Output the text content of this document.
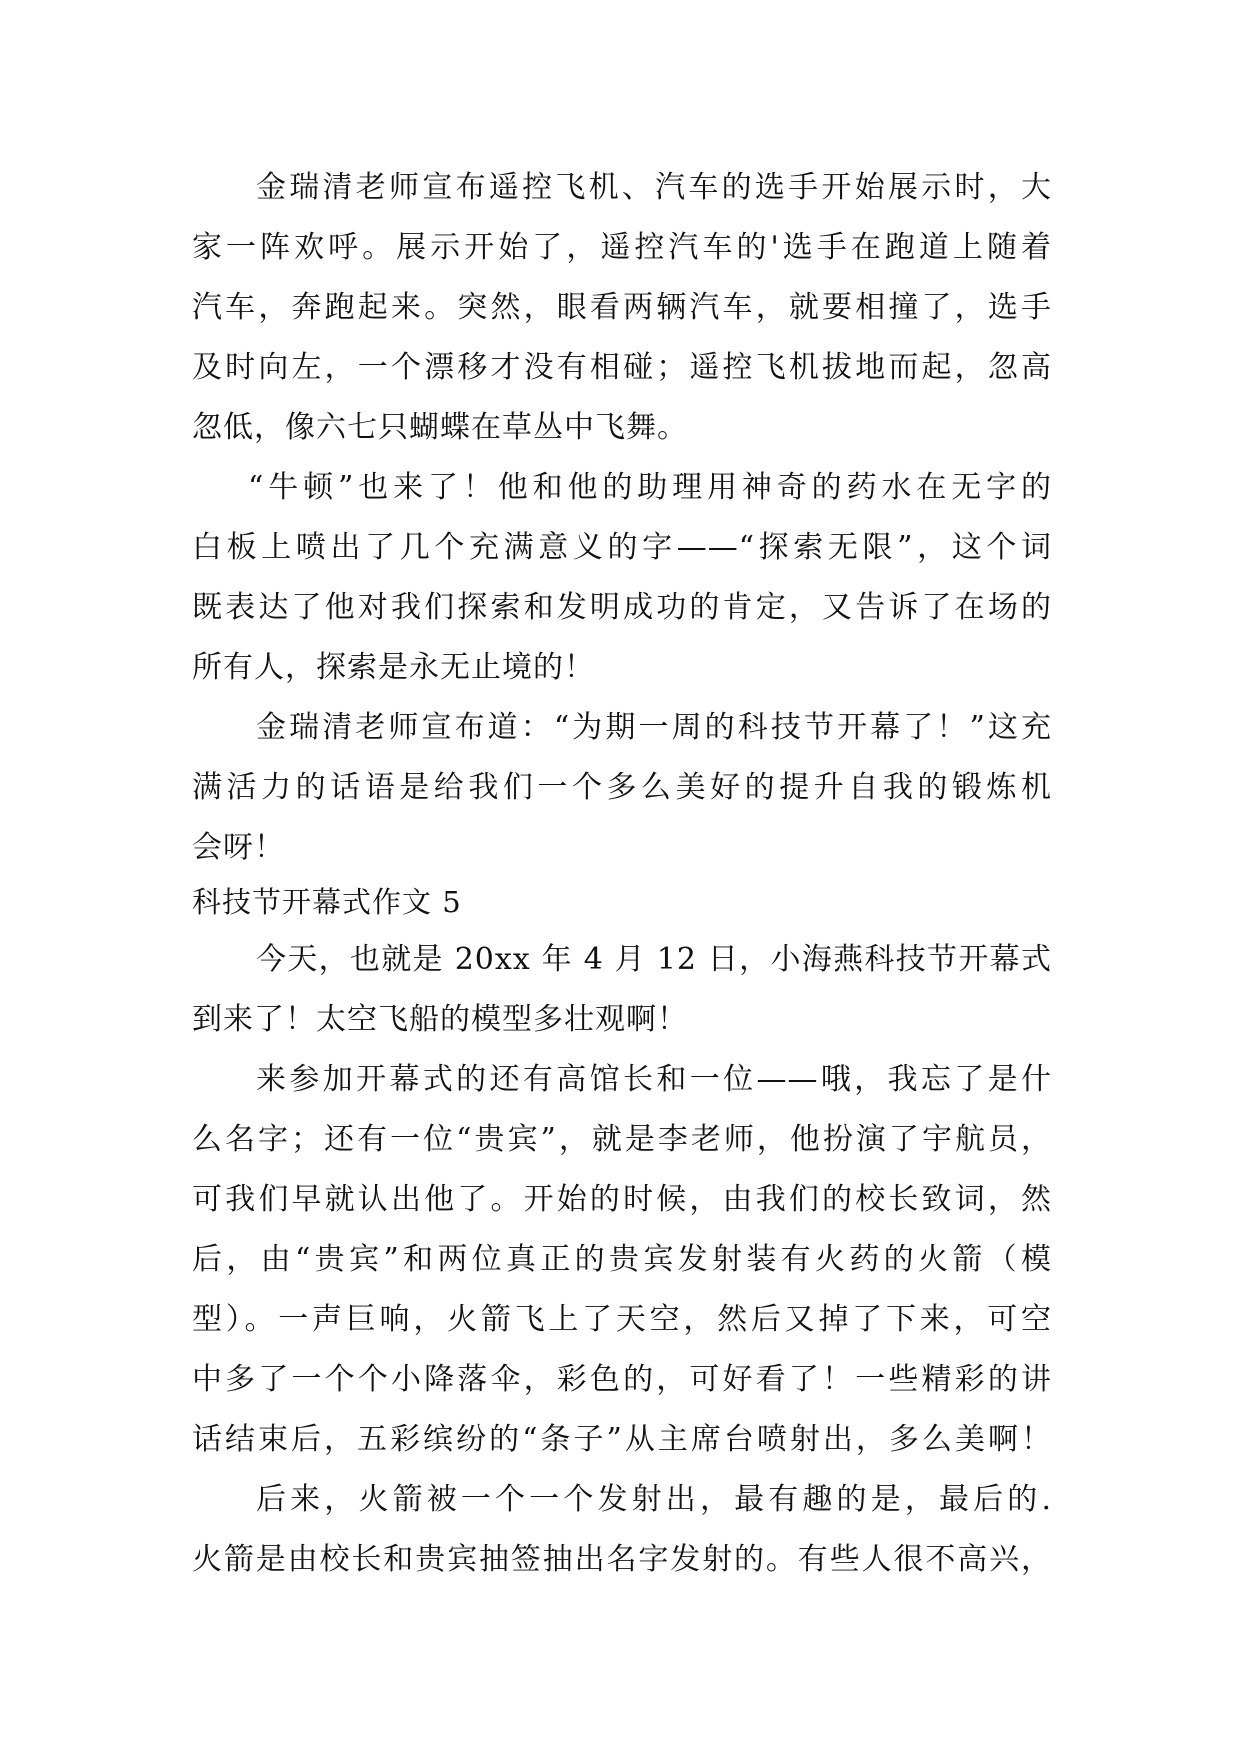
金瑞清老师宣布遥控飞机、汽车的选手开始展示时，大
家一阵欢呼。展示开始了，遥控汽车的'选手在跑道上随着
汽车，奔跑起来。突然，眼看两辆汽车，就要相撞了，选手
及时向左，一个漂移才没有相碰；遥控飞机拔地而起，忽高
忽低，像六七只蝴蝶在草丛中飞舞。
“牛顿”也来了！他和他的助理用神奇的药水在无字的
白板上喷出了几个充满意义的字——“探索无限”，这个词
既表达了他对我们探索和发明成功的肯定，又告诉了在场的
所有人，探索是永无止境的！
金瑞清老师宣布道：“为期一周的科技节开幕了！”这充
满活力的话语是给我们一个多么美好的提升自我的锻炼机
会呀！
科技节开幕式作文 5
今天，也就是 20xx 年 4 月 12 日，小海燕科技节开幕式
到来了！太空飞船的模型多壮观啊！
来参加开幕式的还有高馆长和一位——哦，我忘了是什
么名字；还有一位“贵宾”，就是李老师，他扮演了宇航员，
可我们早就认出他了。开始的时候，由我们的校长致词，然
后，由“贵宾”和两位真正的贵宾发射装有火药的火箭（模
型）。一声巨响，火箭飞上了天空，然后又掉了下来，可空
中多了一个个小降落伞，彩色的，可好看了！一些精彩的讲
话结束后，五彩缤纷的“条子”从主席台喷射出，多么美啊！
后来，火箭被一个一个发射出，最有趣的是，最后的.
火箭是由校长和贵宾抽签抽出名字发射的。有些人很不高兴，
